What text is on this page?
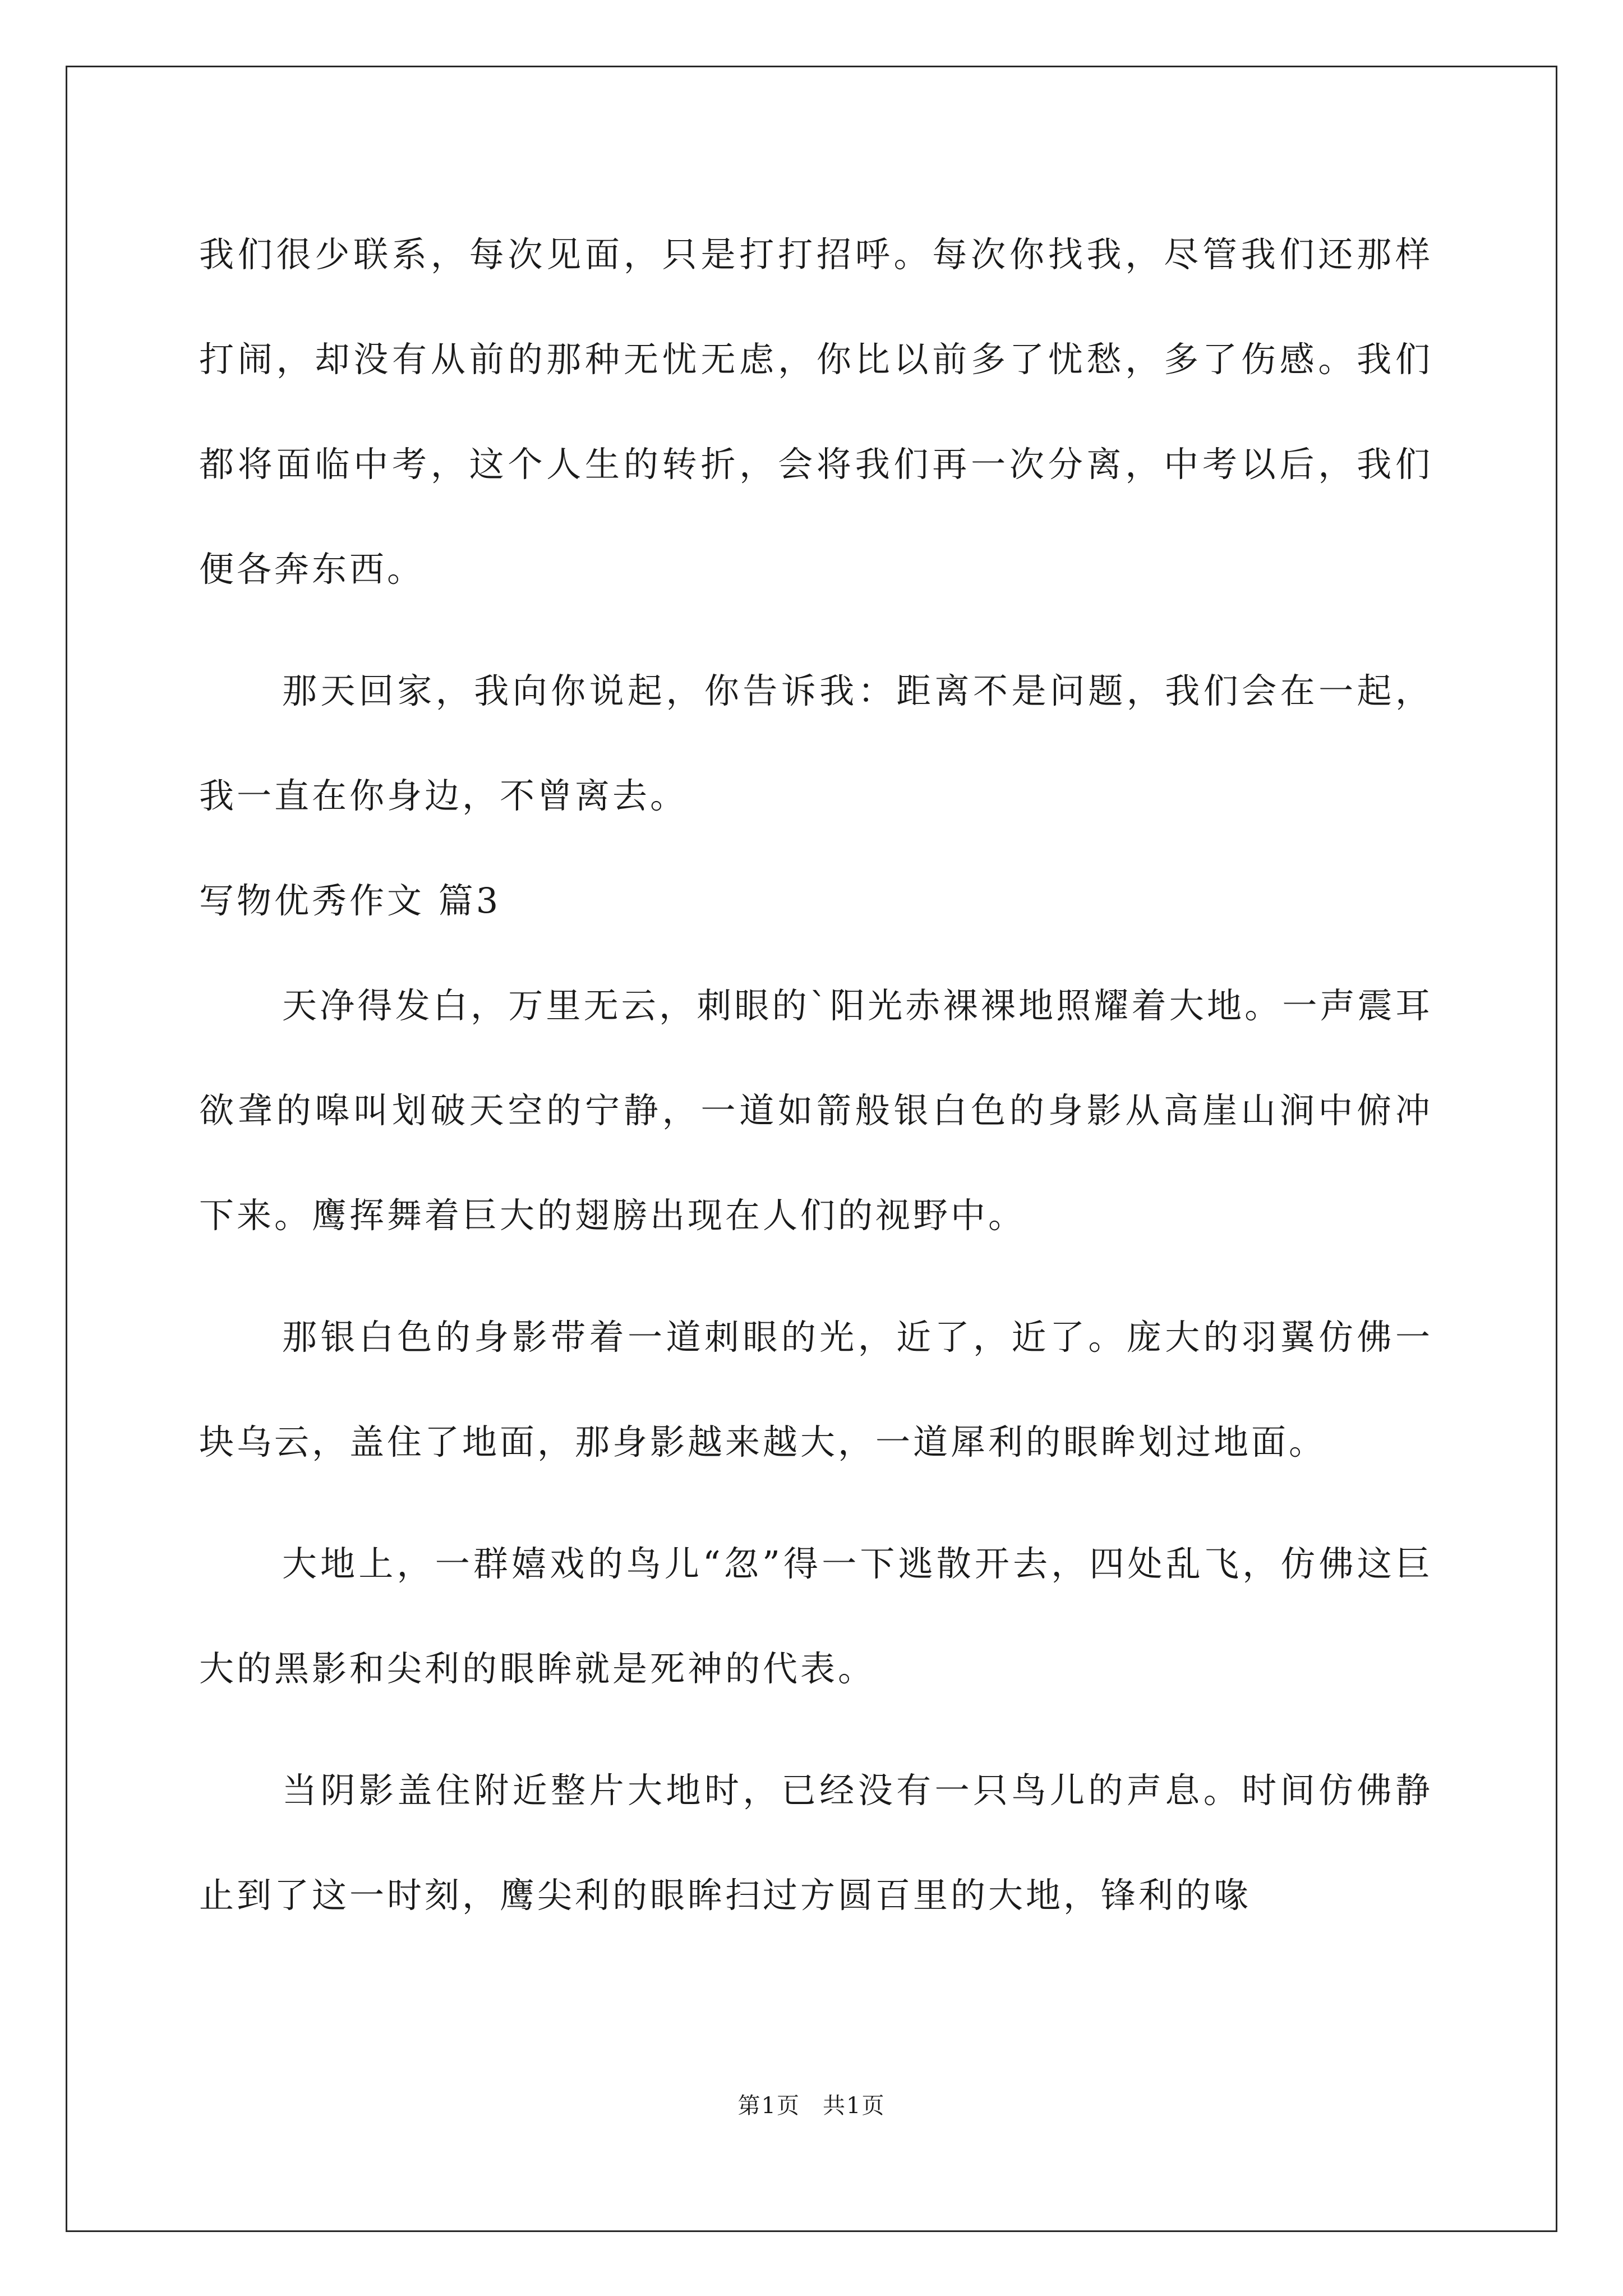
我们很少联系，每次见面，只是打打招呼。每次你找我，尽管我们还那样打闹，却没有从前的那种无忧无虑，你比以前多了忧愁，多了伤感。我们都将面临中考，这个人生的转折，会将我们再一次分离，中考以后，我们便各奔东西。

那天回家，我向你说起，你告诉我：距离不是问题，我们会在一起，我一直在你身边，不曾离去。

写物优秀作文 篇3

天净得发白，万里无云，刺眼的`阳光赤裸裸地照耀着大地。一声震耳欲聋的嗥叫划破天空的宁静，一道如箭般银白色的身影从高崖山涧中俯冲下来。鹰挥舞着巨大的翅膀出现在人们的视野中。

那银白色的身影带着一道刺眼的光，近了，近了。庞大的羽翼仿佛一块乌云，盖住了地面，那身影越来越大，一道犀利的眼眸划过地面。

大地上，一群嬉戏的鸟儿“忽”得一下逃散开去，四处乱飞，仿佛这巨大的黑影和尖利的眼眸就是死神的代表。

当阴影盖住附近整片大地时，已经没有一只鸟儿的声息。时间仿佛静止到了这一时刻，鹰尖利的眼眸扫过方圆百里的大地，锋利的喙

第1页 共1页
